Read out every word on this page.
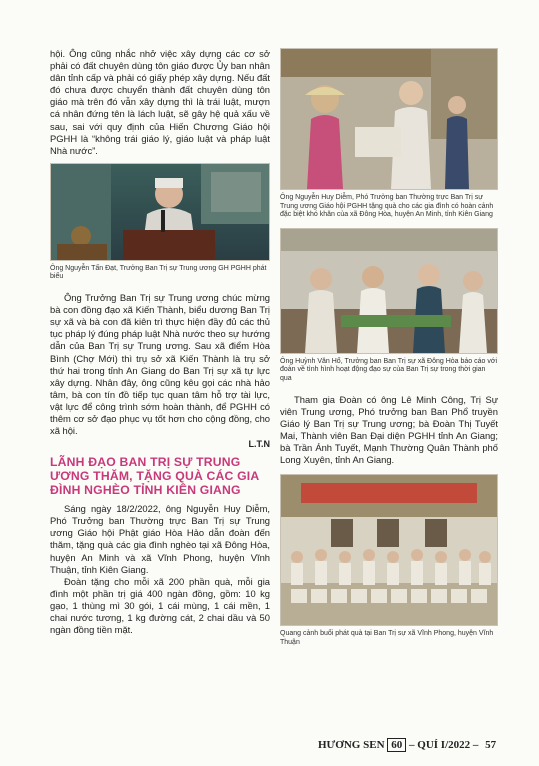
hội. Ông cũng nhắc nhở việc xây dựng các cơ sở phải có đất chuyên dùng tôn giáo được Ủy ban nhân dân tỉnh cấp và phải có giấy phép xây dựng. Nếu đất đó chưa được chuyển thành đất chuyên dùng tôn giáo mà trên đó vẫn xây dựng thì là trái luật, mượn cá nhân đứng tên là lách luật, sẽ gây hệ quả xấu về sau, sai với quy định của Hiến Chương Giáo hội PGHH là “không trái giáo lý, giáo luật và pháp luật Nhà nước”.

Ông Nguyễn Tấn Đạt, Trưởng Ban Trị sự Trung ương GH PGHH phát biểu

Ông Trưởng Ban Trị sự Trung ương chúc mừng bà con đồng đạo xã Kiến Thành, biểu dương Ban Trị sự xã và bà con đã kiên trì thực hiện đầy đủ các thủ tục pháp lý đúng pháp luật Nhà nước theo sự hướng dẫn của Ban Trị sự Trung ương. Sau xã điểm Hòa Bình (Chợ Mới) thì trụ sở xã Kiến Thành là trụ sở thứ hai trong tỉnh An Giang do Ban Trị sự xã tự lực xây dựng. Nhân đây, ông cũng kêu gọi các nhà hảo tâm, bà con tín đồ tiếp tục quan tâm hỗ trợ tài lực, vật lực để công trình sớm hoàn thành, để PGHH có thêm cơ sở đạo phục vụ tốt hơn cho cộng đồng, cho xã hội.

L.T.N

LÃNH ĐẠO BAN TRỊ SỰ TRUNG ƯƠNG THĂM, TẶNG QUÀ CÁC GIA ĐÌNH NGHÈO TỈNH KIÊN GIANG

Sáng ngày 18/2/2022, ông Nguyễn Huy Diễm, Phó Trưởng ban Thường trực Ban Trị sự Trung ương Giáo hội Phật giáo Hòa Hảo dẫn đoàn đến thăm, tặng quà các gia đình nghèo tại xã Đông Hòa, huyện An Minh và xã Vĩnh Phong, huyện Vĩnh Thuận, tỉnh Kiên Giang.

Đoàn tặng cho mỗi xã 200 phần quà, mỗi gia đình một phần trị giá 400 ngàn đồng, gồm: 10 kg gạo, 1 thùng mì 30 gói, 1 cái mùng, 1 cái mền, 1 chai nước tương, 1 kg đường cát, 2 chai dầu và 50 ngàn đồng tiền mặt.

Ông Nguyễn Huy Diễm, Phó Trưởng ban Thường trực Ban Trị sự Trung ương Giáo hội PGHH tặng quà cho các gia đình có hoàn cảnh đặc biệt khó khăn của xã Đông Hòa, huyện An Minh, tỉnh Kiên Giang

Ông Huỳnh Văn Hổ, Trưởng ban Ban Trị sự xã Đông Hòa báo cáo với đoàn về tình hình hoạt động đạo sự của Ban Trị sự trong thời gian qua

Tham gia Đoàn có ông Lê Minh Công, Trị Sự viên Trung ương, Phó trưởng ban Ban Phổ truyền Giáo lý Ban Trị sự Trung ương; bà Đoàn Thị Tuyết Mai, Thành viên Ban Đại diện PGHH tỉnh An Giang; bà Trần Ánh Tuyết, Mạnh Thường Quân Thành phố Long Xuyên, tỉnh An Giang.

Quang cảnh buổi phát quà tại Ban Trị sự xã Vĩnh Phong, huyện Vĩnh Thuận

HƯƠNG SEN 60 – QUÍ I/2022 – 57
